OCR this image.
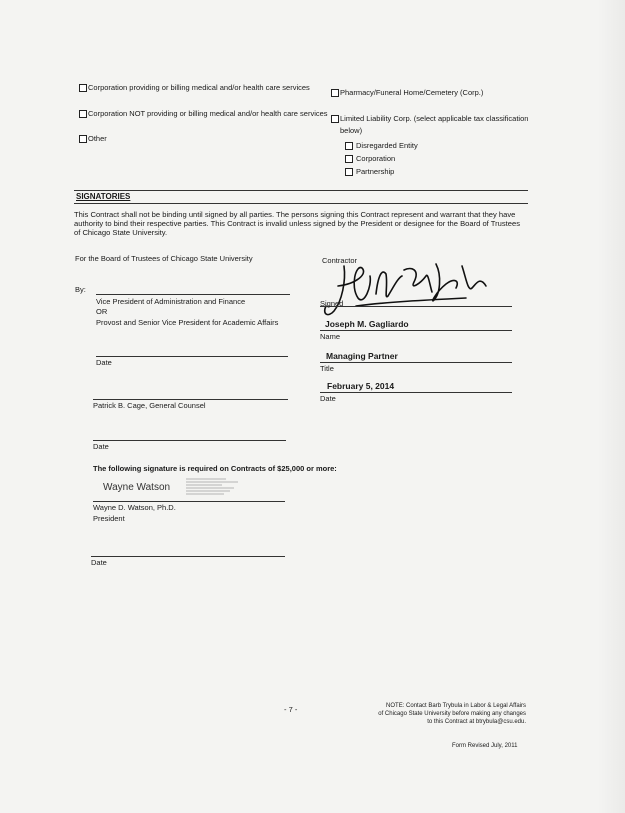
Corporation providing or billing medical and/or health care services
Corporation NOT providing or billing medical and/or health care services
Other
Pharmacy/Funeral Home/Cemetery (Corp.)
Limited Liability Corp. (select applicable tax classification
below)
Disregarded Entity
Corporation
Partnership
SIGNATORIES
This Contract shall not be binding until signed by all parties. The persons signing this Contract represent and warrant that they have authority to bind their respective parties. This Contract is invalid unless signed by the President or designee for the Board of Trustees of Chicago State University.
For the Board of Trustees of Chicago State University
By:
Vice President of Administration and Finance
OR
Provost and Senior Vice President for Academic Affairs
Date
Patrick B. Cage, General Counsel
Date
The following signature is required on Contracts of $25,000 or more:
Wayne Watson
Wayne D. Watson, Ph.D.
President
Date
Contractor
Signed
Joseph M. Gagliardo
Name
Managing Partner
Title
February 5, 2014
Date
- 7 -	NOTE: Contact Barb Trybula in Labor & Legal Affairs
of Chicago State University before making any changes
to this Contract at btrybula@csu.edu.
Form Revised July, 2011
